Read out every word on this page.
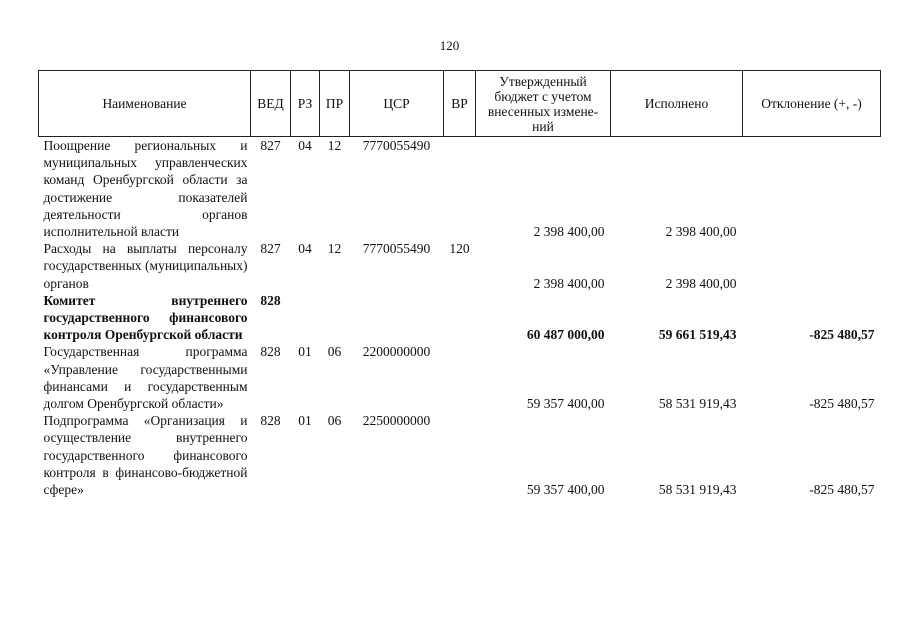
120
Наименование	ВЕД	РЗ	ПР	ЦСР	ВР	Утвержденный бюджет с учетом внесенных измене-ний	Исполнено	Отклонение (+, -)
Поощрение региональных и муниципальных управленческих команд Оренбургской области за достижение показателей деятельности органов исполнительной власти	827	04	12	7770055490		2 398 400,00	2 398 400,00	
Расходы на выплаты персоналу государственных (муниципальных) органов	827	04	12	7770055490	120	2 398 400,00	2 398 400,00	
Комитет внутреннего государственного финансового контроля Оренбургской области	828					60 487 000,00	59 661 519,43	-825 480,57
Государственная программа «Управление государственными финансами и государственным долгом Оренбургской области»	828	01	06	2200000000		59 357 400,00	58 531 919,43	-825 480,57
Подпрограмма «Организация и осуществление внутреннего государственного финансового контроля в финансово-бюджетной сфере»	828	01	06	2250000000		59 357 400,00	58 531 919,43	-825 480,57
